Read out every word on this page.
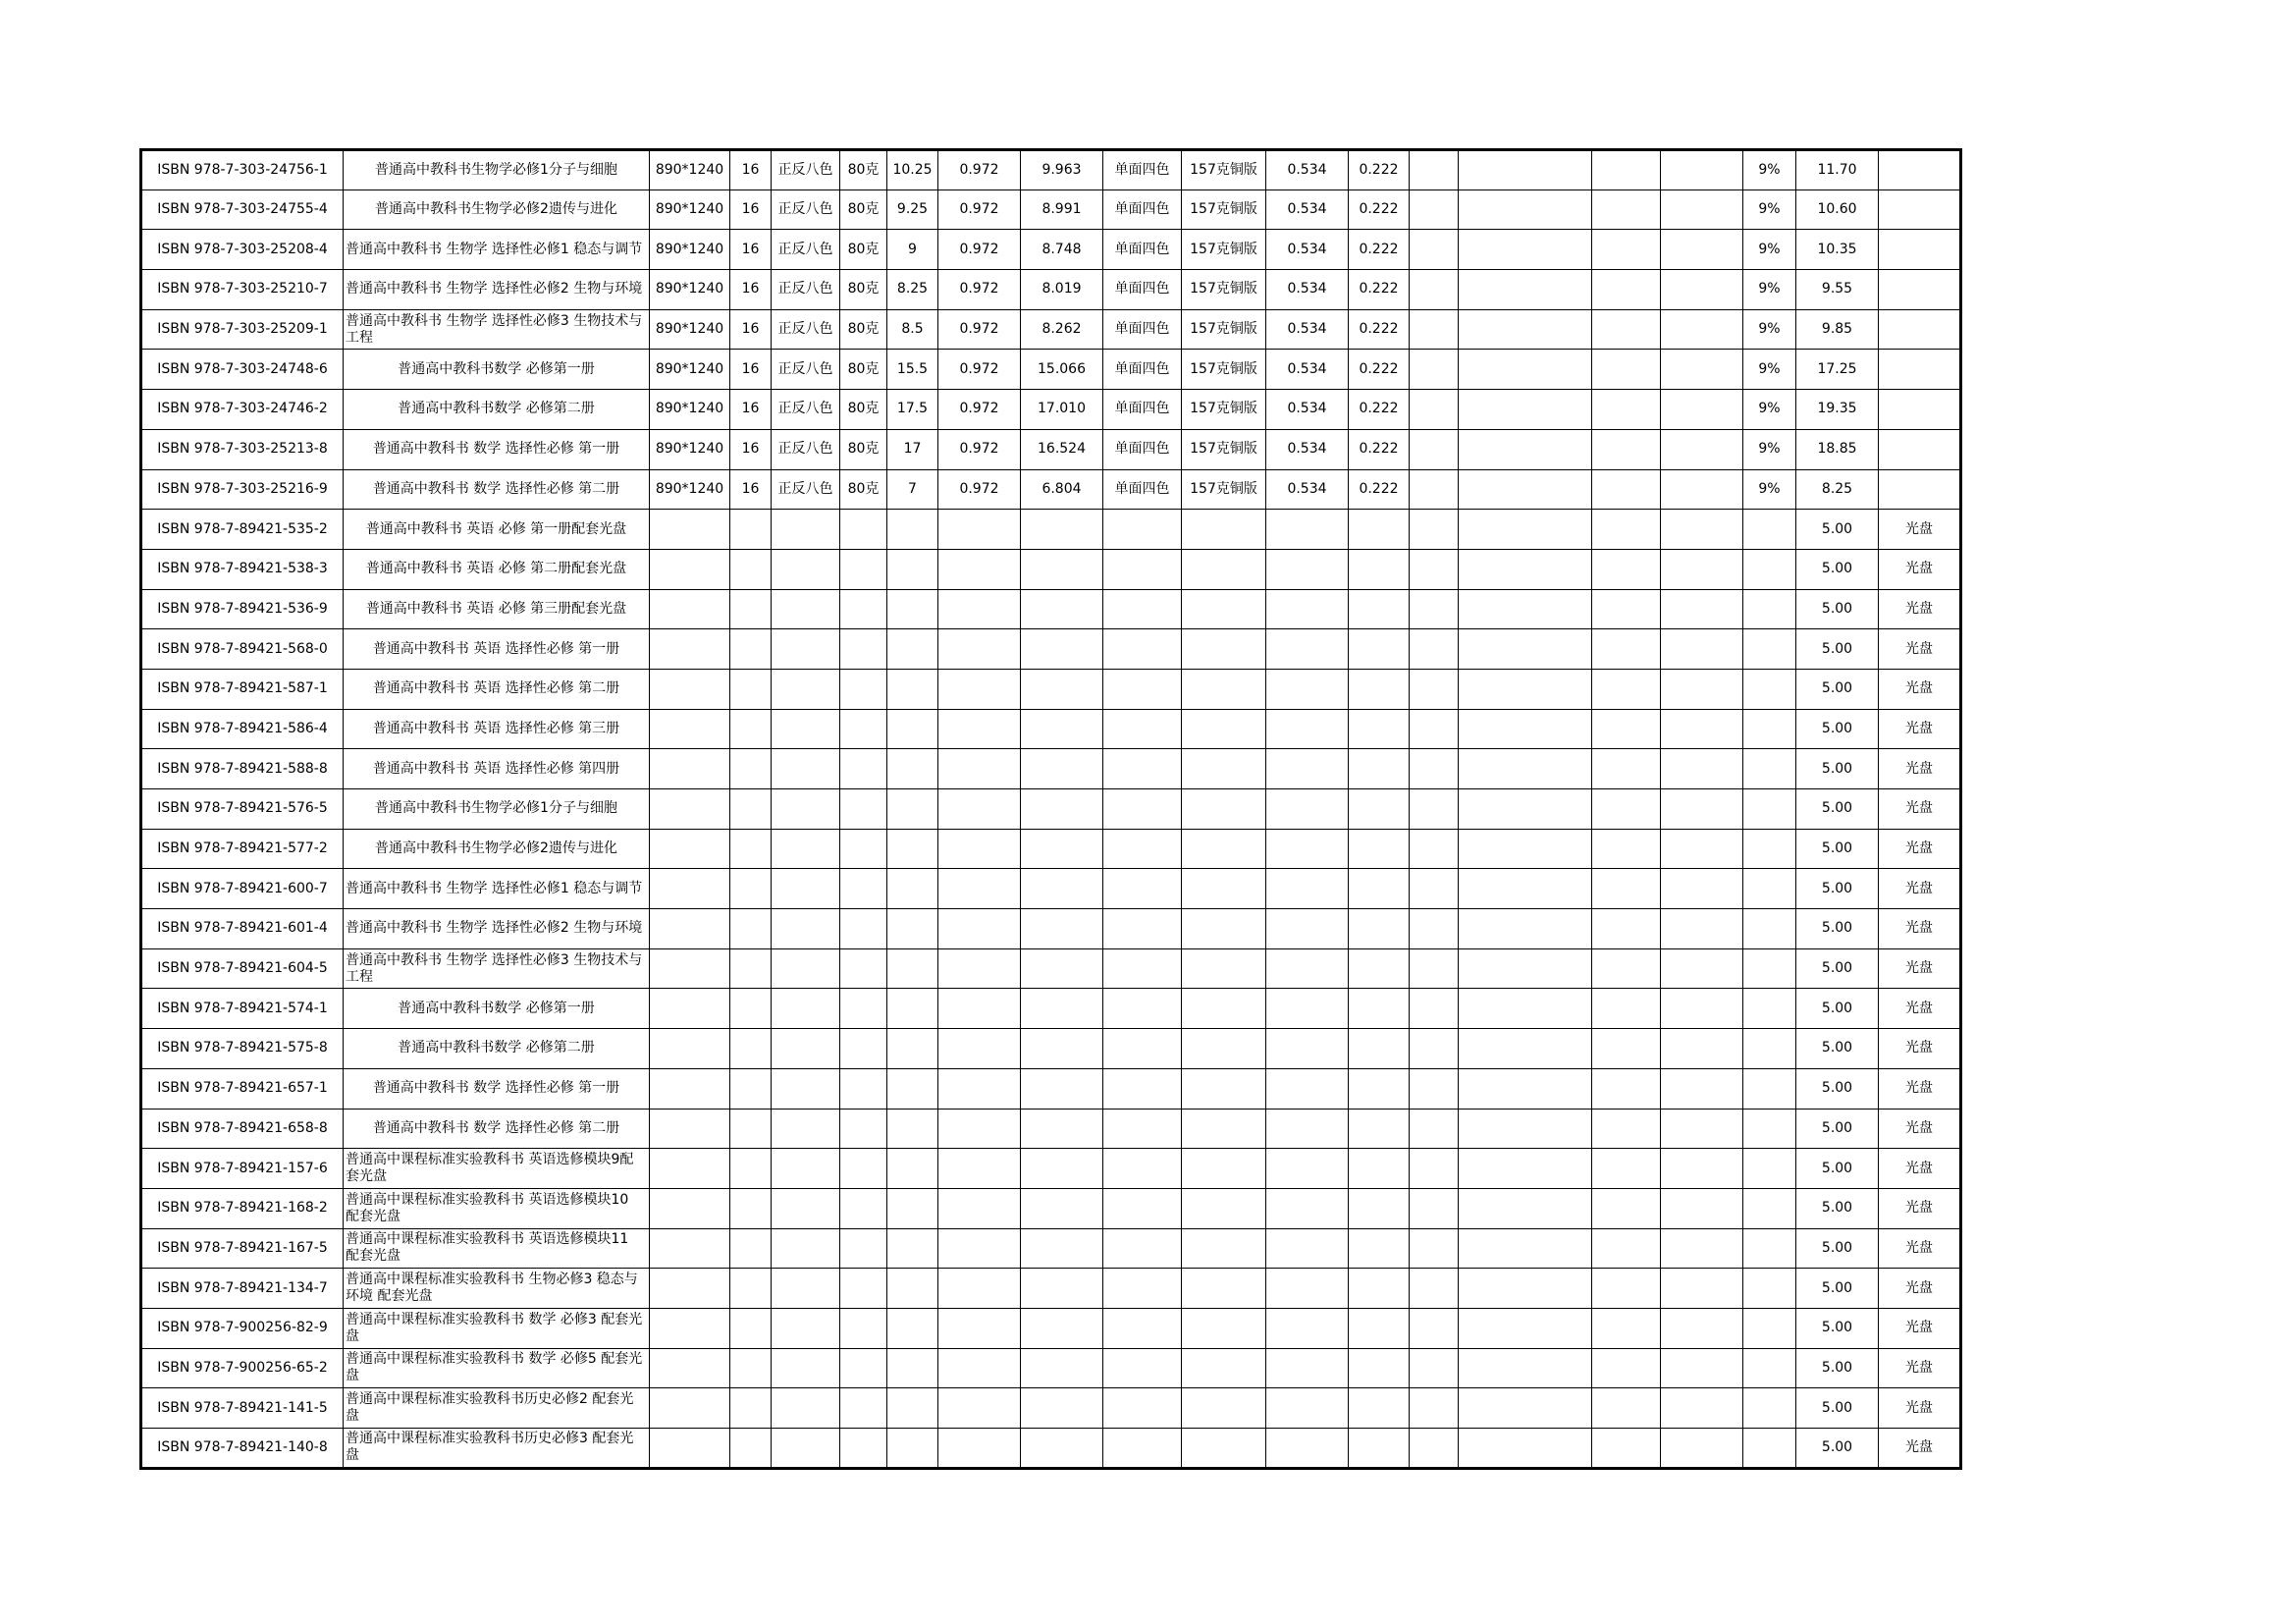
ISBN 978-7-303-24756-1	普通高中教科书生物学必修1分子与细胞	890*1240	16	正反八色	80克	10.25	0.972	9.963	单面四色	157克铜版	0.534	0.222					9%	11.70	
ISBN 978-7-303-24755-4	普通高中教科书生物学必修2遗传与进化	890*1240	16	正反八色	80克	9.25	0.972	8.991	单面四色	157克铜版	0.534	0.222					9%	10.60	
ISBN 978-7-303-25208-4	普通高中教科书 生物学 选择性必修1 稳态与调节	890*1240	16	正反八色	80克	9	0.972	8.748	单面四色	157克铜版	0.534	0.222					9%	10.35	
ISBN 978-7-303-25210-7	普通高中教科书 生物学 选择性必修2 生物与环境	890*1240	16	正反八色	80克	8.25	0.972	8.019	单面四色	157克铜版	0.534	0.222					9%	9.55	
ISBN 978-7-303-25209-1	普通高中教科书 生物学 选择性必修3 生物技术与工程	890*1240	16	正反八色	80克	8.5	0.972	8.262	单面四色	157克铜版	0.534	0.222					9%	9.85	
ISBN 978-7-303-24748-6	普通高中教科书数学 必修第一册	890*1240	16	正反八色	80克	15.5	0.972	15.066	单面四色	157克铜版	0.534	0.222					9%	17.25	
ISBN 978-7-303-24746-2	普通高中教科书数学 必修第二册	890*1240	16	正反八色	80克	17.5	0.972	17.010	单面四色	157克铜版	0.534	0.222					9%	19.35	
ISBN 978-7-303-25213-8	普通高中教科书 数学 选择性必修 第一册	890*1240	16	正反八色	80克	17	0.972	16.524	单面四色	157克铜版	0.534	0.222					9%	18.85	
ISBN 978-7-303-25216-9	普通高中教科书 数学 选择性必修 第二册	890*1240	16	正反八色	80克	7	0.972	6.804	单面四色	157克铜版	0.534	0.222					9%	8.25	
ISBN 978-7-89421-535-2	普通高中教科书 英语 必修 第一册配套光盘																	5.00	光盘
ISBN 978-7-89421-538-3	普通高中教科书 英语 必修 第二册配套光盘																	5.00	光盘
ISBN 978-7-89421-536-9	普通高中教科书 英语 必修 第三册配套光盘																	5.00	光盘
ISBN 978-7-89421-568-0	普通高中教科书 英语 选择性必修 第一册																	5.00	光盘
ISBN 978-7-89421-587-1	普通高中教科书 英语 选择性必修 第二册																	5.00	光盘
ISBN 978-7-89421-586-4	普通高中教科书 英语 选择性必修 第三册																	5.00	光盘
ISBN 978-7-89421-588-8	普通高中教科书 英语 选择性必修 第四册																	5.00	光盘
ISBN 978-7-89421-576-5	普通高中教科书生物学必修1分子与细胞																	5.00	光盘
ISBN 978-7-89421-577-2	普通高中教科书生物学必修2遗传与进化																	5.00	光盘
ISBN 978-7-89421-600-7	普通高中教科书 生物学 选择性必修1 稳态与调节																	5.00	光盘
ISBN 978-7-89421-601-4	普通高中教科书 生物学 选择性必修2 生物与环境																	5.00	光盘
ISBN 978-7-89421-604-5	普通高中教科书 生物学 选择性必修3 生物技术与工程																	5.00	光盘
ISBN 978-7-89421-574-1	普通高中教科书数学 必修第一册																	5.00	光盘
ISBN 978-7-89421-575-8	普通高中教科书数学 必修第二册																	5.00	光盘
ISBN 978-7-89421-657-1	普通高中教科书 数学 选择性必修 第一册																	5.00	光盘
ISBN 978-7-89421-658-8	普通高中教科书 数学 选择性必修 第二册																	5.00	光盘
ISBN 978-7-89421-157-6	普通高中课程标准实验教科书 英语选修模块9配套光盘																	5.00	光盘
ISBN 978-7-89421-168-2	普通高中课程标准实验教科书 英语选修模块10 配套光盘																	5.00	光盘
ISBN 978-7-89421-167-5	普通高中课程标准实验教科书 英语选修模块11 配套光盘																	5.00	光盘
ISBN 978-7-89421-134-7	普通高中课程标准实验教科书 生物必修3 稳态与环境 配套光盘																	5.00	光盘
ISBN 978-7-900256-82-9	普通高中课程标准实验教科书 数学 必修3 配套光盘																	5.00	光盘
ISBN 978-7-900256-65-2	普通高中课程标准实验教科书 数学 必修5 配套光盘																	5.00	光盘
ISBN 978-7-89421-141-5	普通高中课程标准实验教科书历史必修2 配套光盘																	5.00	光盘
ISBN 978-7-89421-140-8	普通高中课程标准实验教科书历史必修3 配套光盘																	5.00	光盘
